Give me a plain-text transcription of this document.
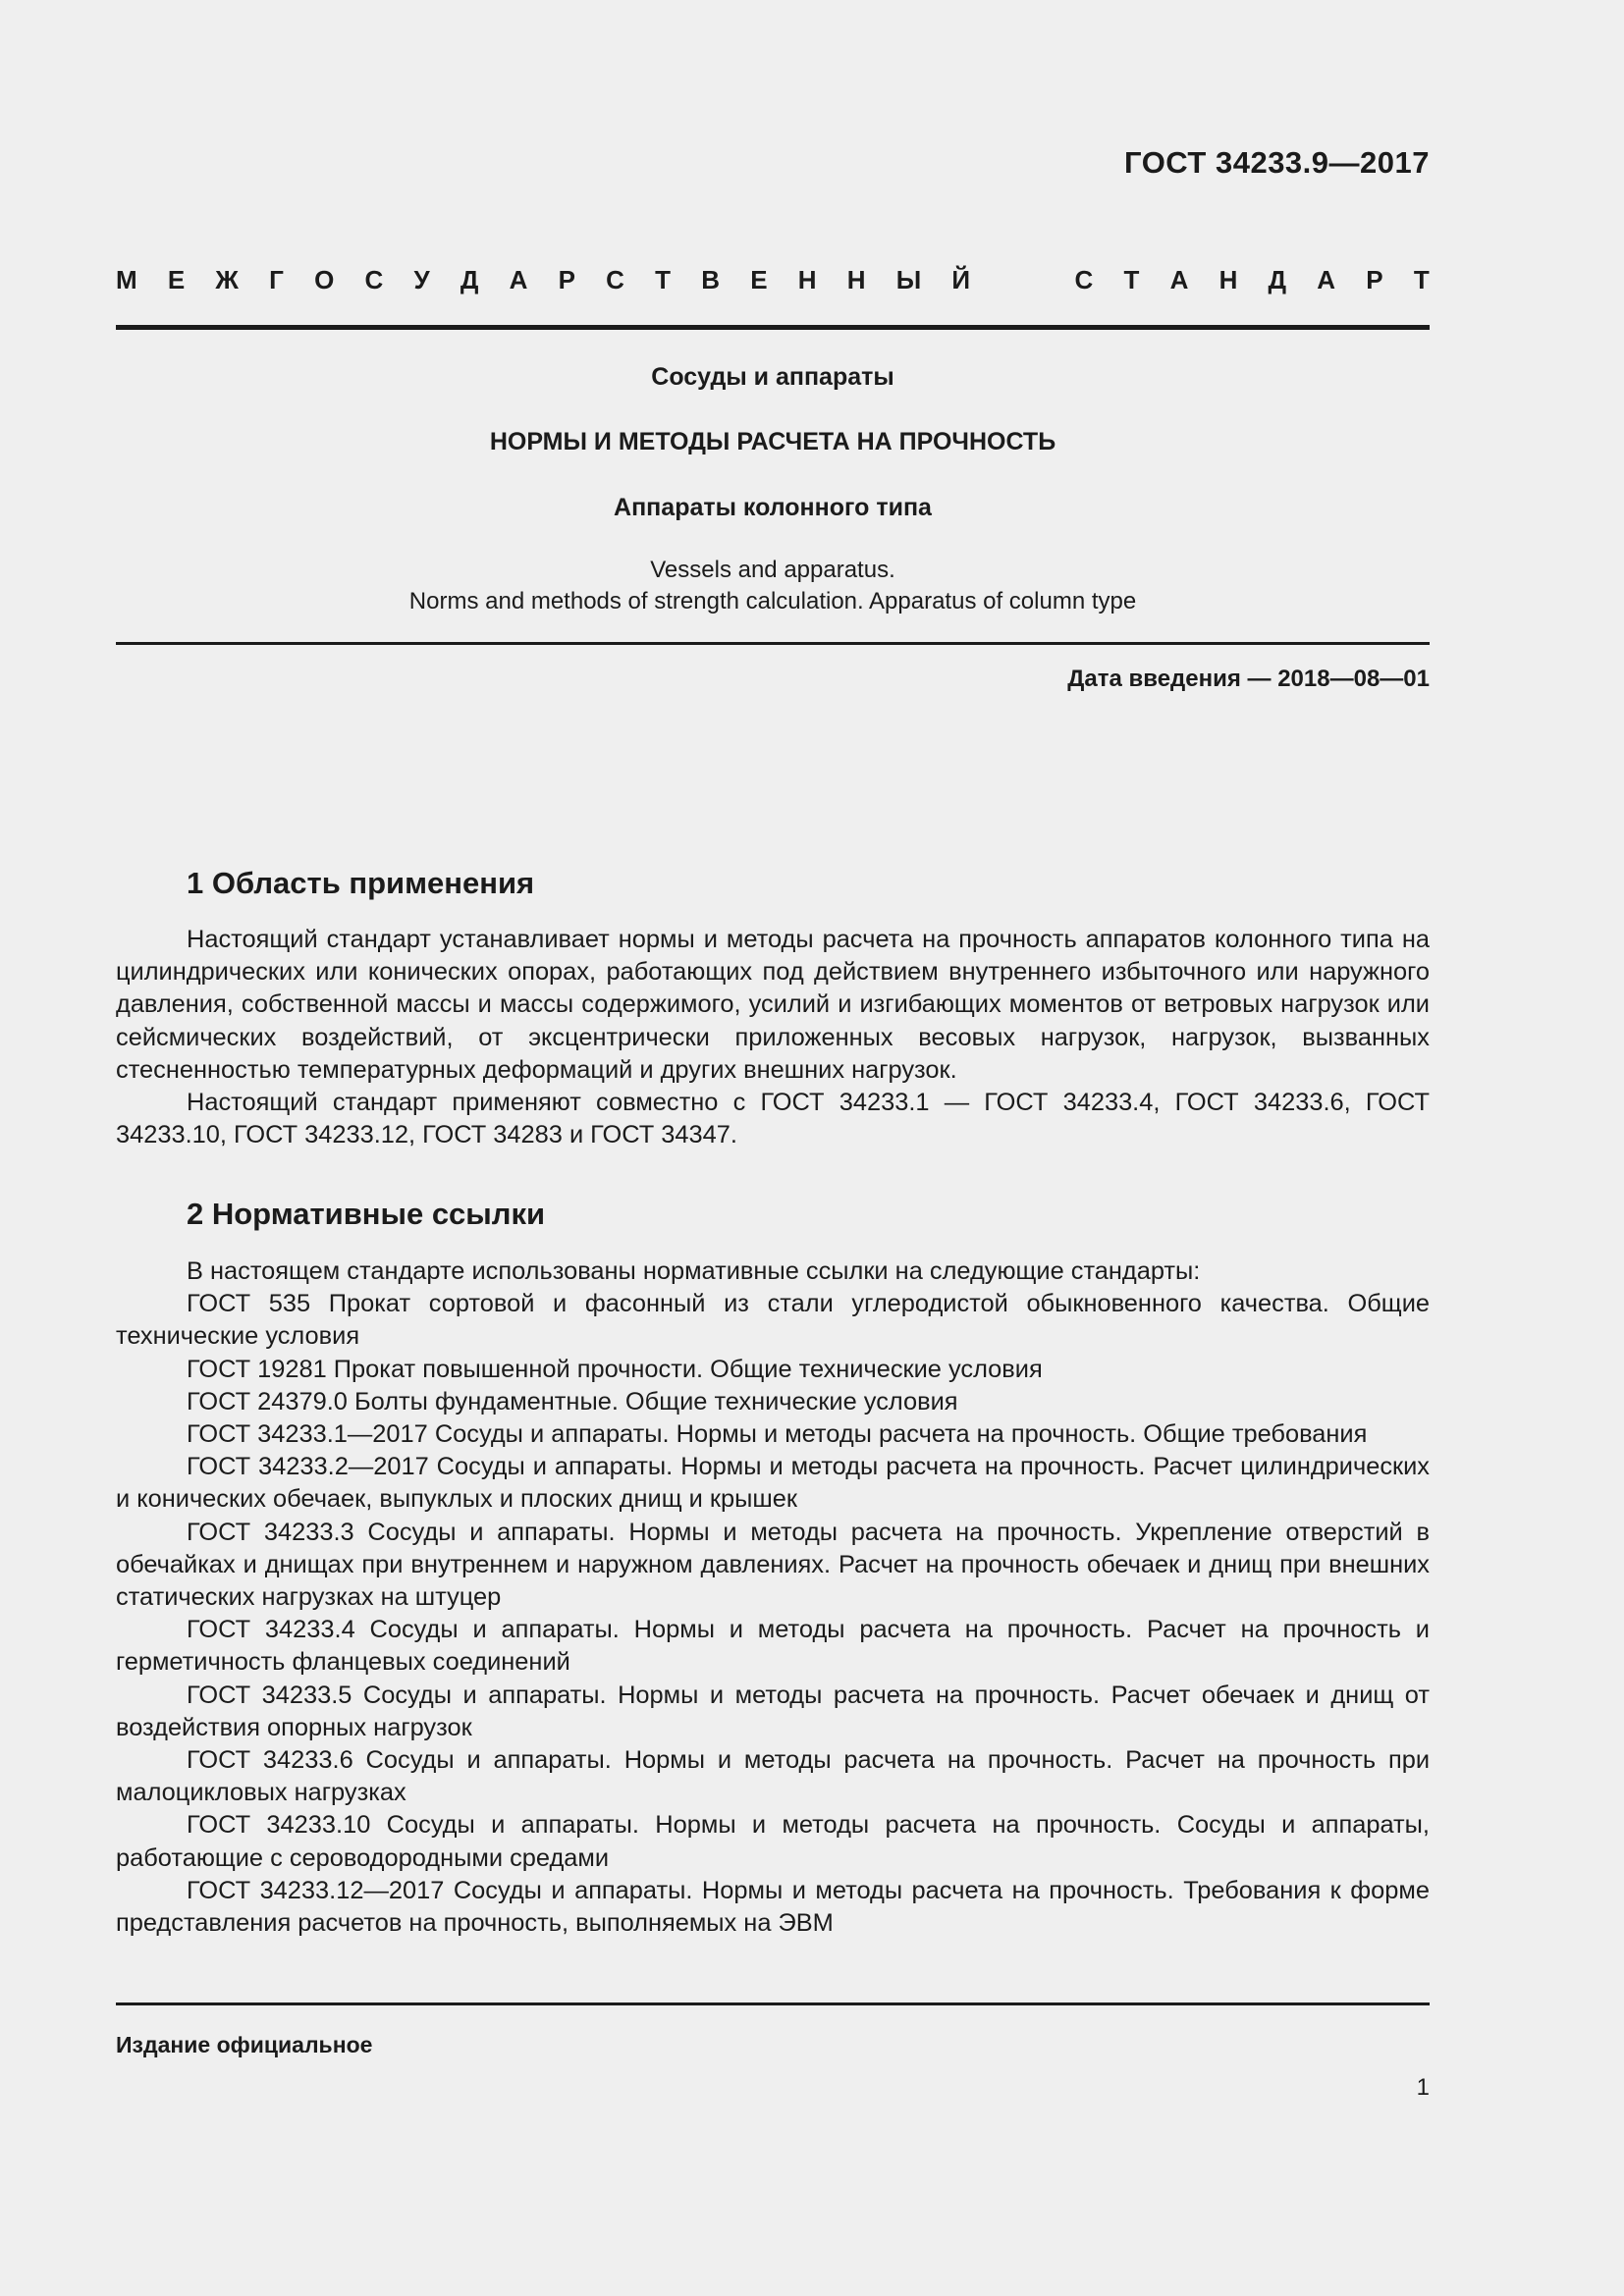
ГОСТ 34233.9—2017
М Е Ж Г О С У Д А Р С Т В Е Н Н Ы Й	С Т А Н Д А Р Т
Сосуды и аппараты
НОРМЫ И МЕТОДЫ РАСЧЕТА НА ПРОЧНОСТЬ
Аппараты колонного типа
Vessels and apparatus.
Norms and methods of strength calculation. Apparatus of column type
Дата введения — 2018—08—01
1 Область применения

Настоящий стандарт устанавливает нормы и методы расчета на прочность аппаратов колонного типа на цилиндрических или конических опорах, работающих под действием внутреннего избыточного или наружного давления, собственной массы и массы содержимого, усилий и изгибающих моментов от ветровых нагрузок или сейсмических воздействий, от эксцентрически приложенных весовых нагрузок, нагрузок, вызванных стесненностью температурных деформаций и других внешних нагрузок.

Настоящий стандарт применяют совместно с ГОСТ 34233.1 — ГОСТ 34233.4, ГОСТ 34233.6, ГОСТ 34233.10, ГОСТ 34233.12, ГОСТ 34283 и ГОСТ 34347.

2 Нормативные ссылки

В настоящем стандарте использованы нормативные ссылки на следующие стандарты:

ГОСТ 535 Прокат сортовой и фасонный из стали углеродистой обыкновенного качества. Общие технические условия

ГОСТ 19281 Прокат повышенной прочности. Общие технические условия

ГОСТ 24379.0 Болты фундаментные. Общие технические условия

ГОСТ 34233.1—2017 Сосуды и аппараты. Нормы и методы расчета на прочность. Общие требования

ГОСТ 34233.2—2017 Сосуды и аппараты. Нормы и методы расчета на прочность. Расчет цилиндрических и конических обечаек, выпуклых и плоских днищ и крышек

ГОСТ 34233.3 Сосуды и аппараты. Нормы и методы расчета на прочность. Укрепление отверстий в обечайках и днищах при внутреннем и наружном давлениях. Расчет на прочность обечаек и днищ при внешних статических нагрузках на штуцер

ГОСТ 34233.4 Сосуды и аппараты. Нормы и методы расчета на прочность. Расчет на прочность и герметичность фланцевых соединений

ГОСТ 34233.5 Сосуды и аппараты. Нормы и методы расчета на прочность. Расчет обечаек и днищ от воздействия опорных нагрузок

ГОСТ 34233.6 Сосуды и аппараты. Нормы и методы расчета на прочность. Расчет на прочность при малоцикловых нагрузках

ГОСТ 34233.10 Сосуды и аппараты. Нормы и методы расчета на прочность. Сосуды и аппараты, работающие с сероводородными средами

ГОСТ 34233.12—2017 Сосуды и аппараты. Нормы и методы расчета на прочность. Требования к форме представления расчетов на прочность, выполняемых на ЭВМ

Издание официальное
1
